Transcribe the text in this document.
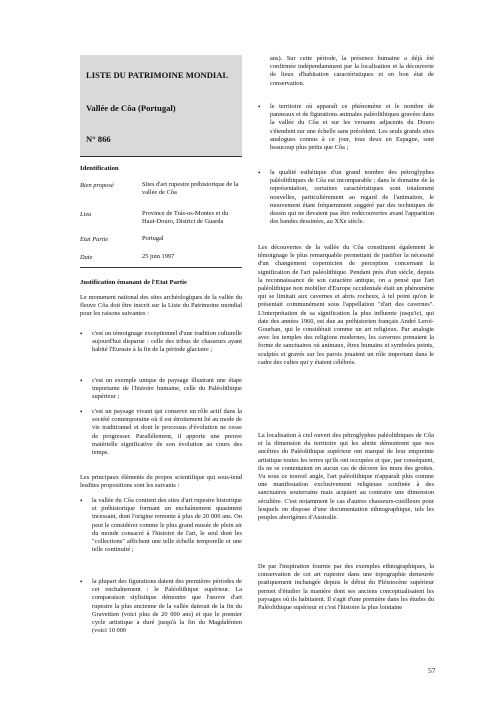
LISTE DU PATRIMOINE MONDIAL
Vallée de Côa (Portugal)
N° 866
Identification
Bien proposé	Sites d'art rupestre préhistorique de la vallée de Côa
Lieu	Province de Trás-os-Montes et du Haut-Douro, District de Guarda
Etat Partie	Portugal
Date	25 juin 1997
Justification émanant de l'Etat Partie
Le monument national des sites archéologiques de la vallée du fleuve Côa doit être inscrit sur la Liste du Patrimoine mondial pour les raisons suivantes :
• c'est un témoignage exceptionnel d'une tradition culturelle aujourd'hui disparue : celle des tribus de chasseurs ayant habité l'Eurasie à la fin de la période glaciaire ;
• c'est un exemple unique de paysage illustrant une étape importante de l'histoire humaine, celle du Paléolithique supérieur ;
• c'est un paysage vivant qui conserve un rôle actif dans la société contemporaine où il est étroitement lié au mode de vie traditionnel et dont le processus d'évolution ne cesse de progresser. Parallèlement, il apporte une preuve matérielle significative de son évolution au cours des temps.
Les principaux éléments du propos scientifique qui sous-tend lesdites propositions sont les suivants :
• la vallée du Côa contient des sites d'art rupestre historique et préhistorique formant un enchaînement quasiment incessant, dont l'origine remonte à plus de 20 000 ans. On peut le considérer comme le plus grand musée de plein air du monde consacré à l'histoire de l'art, le seul dont les "collections" affichent une telle échelle temporelle et une telle continuité ;
• la plupart des figurations datent des premières périodes de cet enchaînement : le Paléolithique supérieur. La comparaison stylistique démontre que l'œuvre d'art rupestre la plus ancienne de la vallée daterait de la fin du Gravettien (voici plus de 20 000 ans) et que le premier cycle artistique a duré jusqu'à la fin du Magdalénien (voici 10 000
ans). Sur cette période, la présence humaine a déjà été confirmée indépendamment par la localisation et la découverte de lieux d'habitation caractéristiques et en bon état de conservation.
• le territoire où apparaît ce phénomène et le nombre de panneaux et de figurations animales paléolithiques gravées dans la vallée du Côa et sur les versants adjacents du Douro s'étendent sur une échelle sans précédent. Les seuls grands sites analogues connus à ce jour, tous deux en Espagne, sont beaucoup plus petits que Côa ;
• la qualité esthétique d'un grand nombre des pétroglyphes paléolithiques de Côa est incomparable ; dans le domaine de la représentation, certaines caractéristiques sont totalement nouvelles, particulièrement au regard de l'animation, le mouvement étant fréquemment suggéré par des techniques de dessin qui ne devaient pas être redécouvertes avant l'apparition des bandes dessinées, au XXe siècle.
Les découvertes de la vallée du Côa constituent également le témoignage le plus remarquable permettant de justifier la nécessité d'un changement copernicien de perception concernant la signification de l'art paléolithique. Pendant près d'un siècle, depuis la reconnaissance de son caractère antique, on a pensé que l'art paléolithique non mobilier d'Europe occidentale était un phénomène qui se limitait aux cavernes et abris rocheux, à tel point qu'on le présentait communément sous l'appellation "d'art des cavernes". L'interprétation de sa signification la plus influente jusqu'ici, qui date des années 1960, est due au préhistorien français André Leroi-Gourhan, qui le considérait comme un art religieux. Par analogie avec les temples des religions modernes, les cavernes prenaient la forme de sanctuaires où animaux, êtres humains et symboles peints, sculptés et gravés sur les parois jouaient un rôle important dans le cadre des cultes qui y étaient célébrés.
La localisation à ciel ouvert des pétroglyphes paléolithiques de Côa et la dimension du territoire qui les abrite démontrent que nos ancêtres du Paléolithique supérieur ont marqué de leur empreinte artistique toutes les terres qu'ils ont occupées et que, par conséquent, ils ne se contentaient en aucun cas de décorer les murs des grottes. Vu sous ce nouvel angle, l'art paléolithique n'apparaît plus comme une manifestation exclusivement religieuse confinée à des sanctuaires souterrains mais acquiert au contraire une dimension séculière. C'est notamment le cas d'autres chasseurs-cueilleurs pour lesquels on dispose d'une documentation ethnographique, tels les peuples aborigènes d'Australie.
De par l'inspiration fournie par des exemples ethnographiques, la conservation de cet art rupestre dans une topographie demeurée pratiquement inchangée depuis le début du Pléistocène supérieur permet d'étudier la manière dont ses anciens conceptualisaient les paysages où ils habitaient. Il s'agit d'une première dans les études du Paléolithique supérieur et c'est l'histoire la plus lointaine
57
